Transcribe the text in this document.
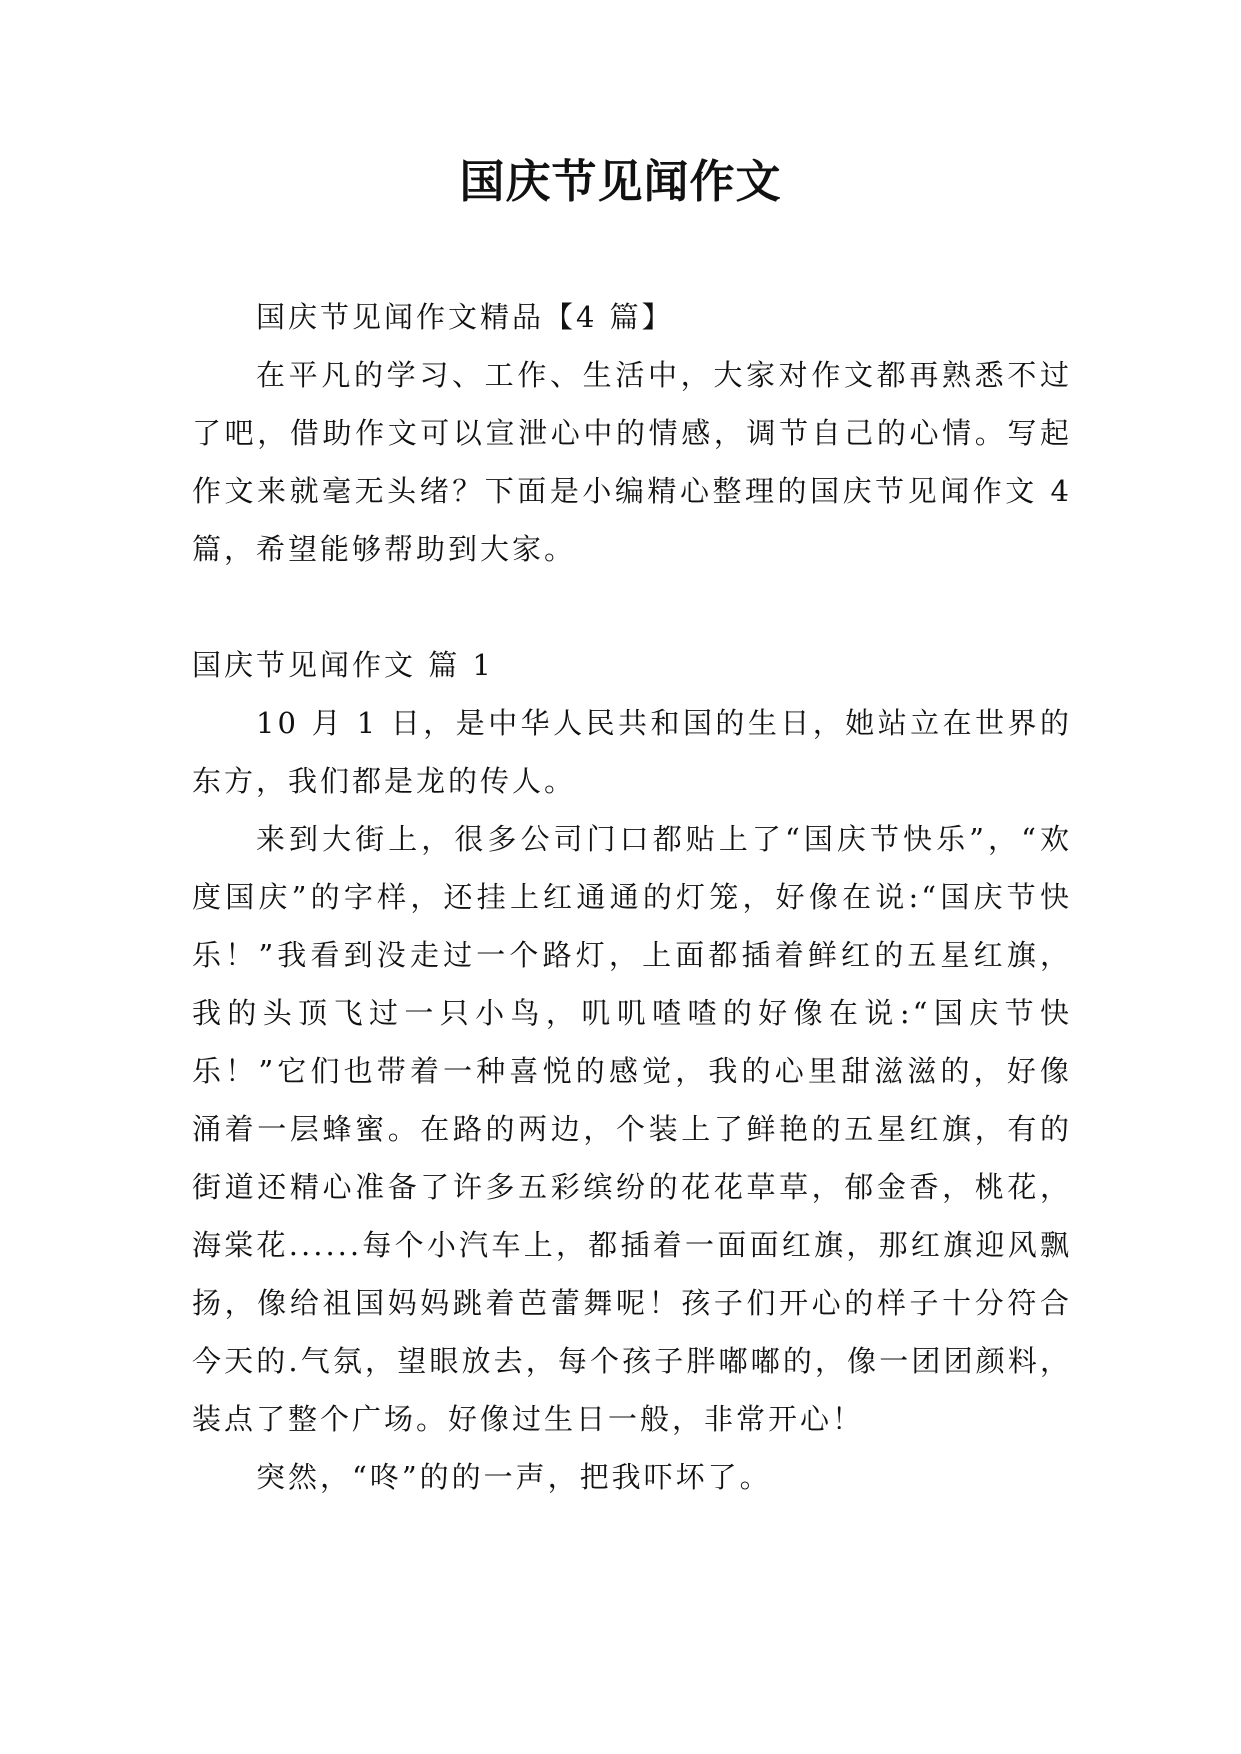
国庆节见闻作文

国庆节见闻作文精品【4 篇】

在平凡的学习、工作、生活中，大家对作文都再熟悉不过了吧，借助作文可以宣泄心中的情感，调节自己的心情。写起作文来就毫无头绪？下面是小编精心整理的国庆节见闻作文 4 篇，希望能够帮助到大家。

国庆节见闻作文 篇 1

10 月 1 日，是中华人民共和国的生日，她站立在世界的东方，我们都是龙的传人。

来到大街上，很多公司门口都贴上了“国庆节快乐”，“欢度国庆”的字样，还挂上红通通的灯笼，好像在说:“国庆节快乐！”我看到没走过一个路灯，上面都插着鲜红的五星红旗，我的头顶飞过一只小鸟，叽叽喳喳的好像在说:“国庆节快乐！”它们也带着一种喜悦的感觉，我的心里甜滋滋的，好像涌着一层蜂蜜。在路的两边，个装上了鲜艳的五星红旗，有的街道还精心准备了许多五彩缤纷的花花草草，郁金香，桃花，海棠花......每个小汽车上，都插着一面面红旗，那红旗迎风飘扬，像给祖国妈妈跳着芭蕾舞呢！孩子们开心的样子十分符合今天的.气氛，望眼放去，每个孩子胖嘟嘟的，像一团团颜料，装点了整个广场。好像过生日一般，非常开心！

突然，“咚”的的一声，把我吓坏了。
